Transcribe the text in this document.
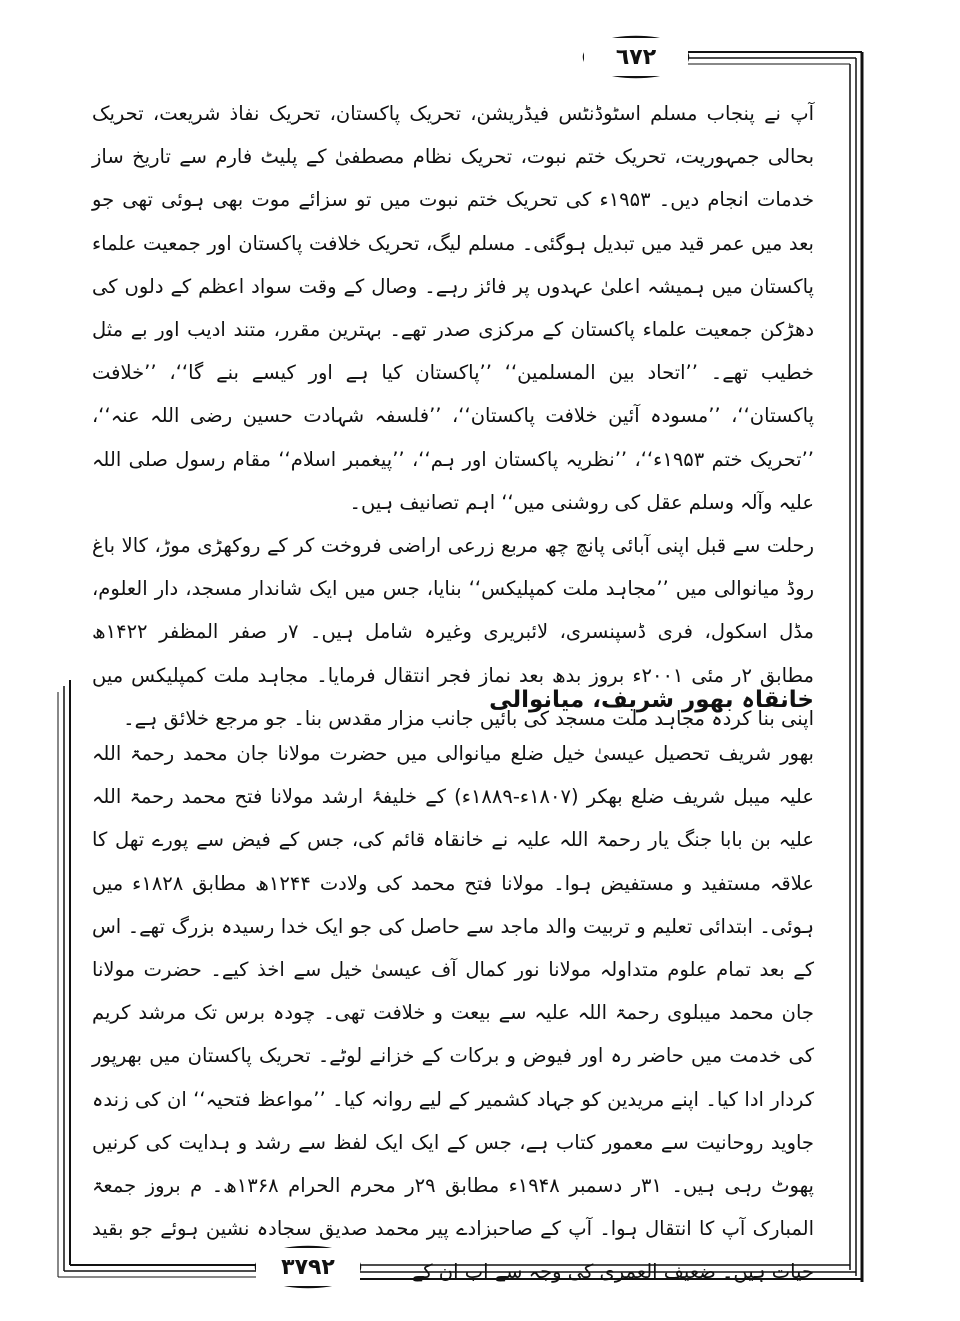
٦٧٢

آپ نے پنجاب مسلم اسٹوڈنٹس فیڈریشن، تحریک پاکستان، تحریک نفاذ شریعت، تحریک بحالی جمہوریت، تحریک ختم نبوت، تحریک نظام مصطفیٰ کے پلیٹ فارم سے تاریخ ساز خدمات انجام دیں۔ ۱۹۵۳ء کی تحریک ختم نبوت میں تو سزائے موت بھی ہوئی تھی جو بعد میں عمر قید میں تبدیل ہوگئی۔ مسلم لیگ، تحریک خلافت پاکستان اور جمعیت علماء پاکستان میں ہمیشہ اعلیٰ عہدوں پر فائز رہے۔ وصال کے وقت سواد اعظم کے دلوں کی دھڑکن جمعیت علماء پاکستان کے مرکزی صدر تھے۔ بہترین مقرر، متند ادیب اور بے مثل خطیب تھے۔ ’’اتحاد بین المسلمین‘‘ ’’پاکستان کیا ہے اور کیسے بنے گا‘‘، ’’خلافت پاکستان‘‘، ’’مسودہ آئین خلافت پاکستان‘‘، ’’فلسفہ شہادت حسین رضی اللہ عنہ‘‘، ’’تحریک ختم ۱۹۵۳ء‘‘، ’’نظریہ پاکستان اور ہم‘‘، ’’پیغمبر اسلام‘‘ مقام رسول صلی اللہ علیہ وآلہ وسلم عقل کی روشنی میں‘‘ اہم تصانیف ہیں۔

رحلت سے قبل اپنی آبائی پانچ چھ مربع زرعی اراضی فروخت کر کے روکھڑی موڑ، کالا باغ روڈ میانوالی میں ’’مجاہد ملت کمپلیکس‘‘ بنایا، جس میں ایک شاندار مسجد، دار العلوم، مڈل اسکول، فری ڈسپنسری، لائبریری وغیرہ شامل ہیں۔ ۷ر صفر المظفر ۱۴۲۲ھ مطابق ۲ر مئی ۲۰۰۱ء بروز بدھ بعد نماز فجر انتقال فرمایا۔ مجاہد ملت کمپلیکس میں اپنی بنا کردہ مجاہد ملت مسجد کی بائیں جانب مزار مقدس بنا۔ جو مرجع خلائق ہے۔

خانقاہ بھور شریف، میانوالی

بھور شریف تحصیل عیسیٰ خیل ضلع میانوالی میں حضرت مولانا جان محمد رحمۃ اللہ علیہ میبل شریف ضلع بھکر (۱۸۰۷ء-۱۸۸۹ء) کے خلیفۂ ارشد مولانا فتح محمد رحمۃ اللہ علیہ بن بابا جنگ یار رحمۃ اللہ علیہ نے خانقاہ قائم کی، جس کے فیض سے پورے تھل کا علاقہ مستفید و مستفیض ہوا۔ مولانا فتح محمد کی ولادت ۱۲۴۴ھ مطابق ۱۸۲۸ء میں ہوئی۔ ابتدائی تعلیم و تربیت والد ماجد سے حاصل کی جو ایک خدا رسیدہ بزرگ تھے۔ اس کے بعد تمام علوم متداولہ مولانا نور کمال آف عیسیٰ خیل سے اخذ کیے۔ حضرت مولانا جان محمد میبلوی رحمۃ اللہ علیہ سے بیعت و خلافت تھی۔ چودہ برس تک مرشد کریم کی خدمت میں حاضر رہ اور فیوض و برکات کے خزانے لوٹے۔ تحریک پاکستان میں بھرپور کردار ادا کیا۔ اپنے مریدین کو جہاد کشمیر کے لیے روانہ کیا۔ ’’مواعظ فتحیہ‘‘ ان کی زندہ جاوید روحانیت سے معمور کتاب ہے، جس کے ایک ایک لفظ سے رشد و ہدایت کی کرنیں پھوٹ رہی ہیں۔ ۳۱ر دسمبر ۱۹۴۸ء مطابق ۲۹ر محرم الحرام ۱۳۶۸ھ۔ م بروز جمعۃ المبارک آپ کا انتقال ہوا۔ آپ کے صاحبزادے پیر محمد صدیق سجادہ نشین ہوئے جو بقید حیات ہیں۔ ضعیف العمری کی وجہ سے اب ان کے

٣٧٩٢
